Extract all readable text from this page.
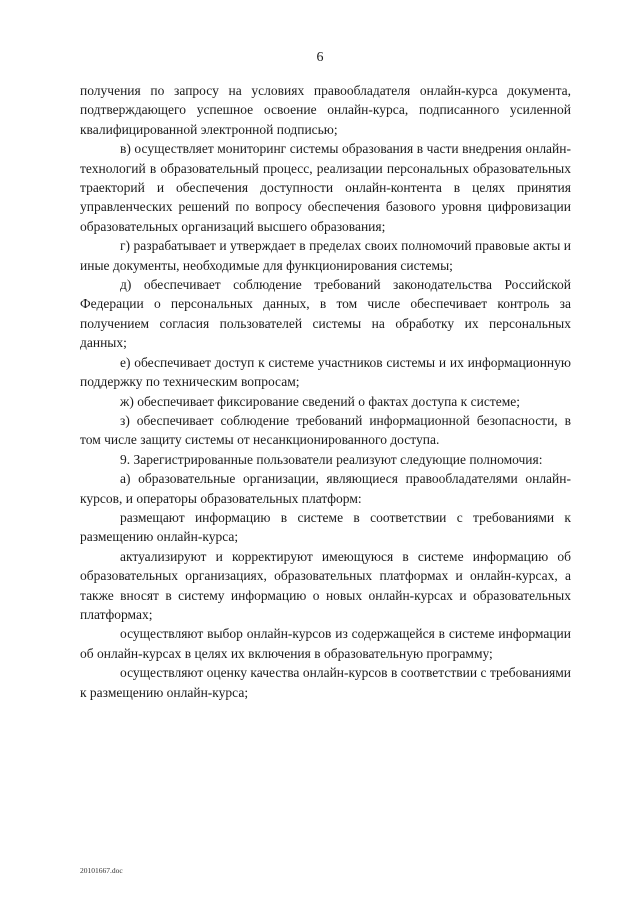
6

получения по запросу на условиях правообладателя онлайн-курса документа, подтверждающего успешное освоение онлайн-курса, подписанного усиленной квалифицированной электронной подписью;

в) осуществляет мониторинг системы образования в части внедрения онлайн-технологий в образовательный процесс, реализации персональных образовательных траекторий и обеспечения доступности онлайн-контента в целях принятия управленческих решений по вопросу обеспечения базового уровня цифровизации образовательных организаций высшего образования;

г) разрабатывает и утверждает в пределах своих полномочий правовые акты и иные документы, необходимые для функционирования системы;

д) обеспечивает соблюдение требований законодательства Российской Федерации о персональных данных, в том числе обеспечивает контроль за получением согласия пользователей системы на обработку их персональных данных;

е) обеспечивает доступ к системе участников системы и их информационную поддержку по техническим вопросам;

ж) обеспечивает фиксирование сведений о фактах доступа к системе;

з) обеспечивает соблюдение требований информационной безопасности, в том числе защиту системы от несанкционированного доступа.

9. Зарегистрированные пользователи реализуют следующие полномочия:

а) образовательные организации, являющиеся правообладателями онлайн-курсов, и операторы образовательных платформ:

размещают информацию в системе в соответствии с требованиями к размещению онлайн-курса;

актуализируют и корректируют имеющуюся в системе информацию об образовательных организациях, образовательных платформах и онлайн-курсах, а также вносят в систему информацию о новых онлайн-курсах и образовательных платформах;

осуществляют выбор онлайн-курсов из содержащейся в системе информации об онлайн-курсах в целях их включения в образовательную программу;

осуществляют оценку качества онлайн-курсов в соответствии с требованиями к размещению онлайн-курса;

20101667.doc
